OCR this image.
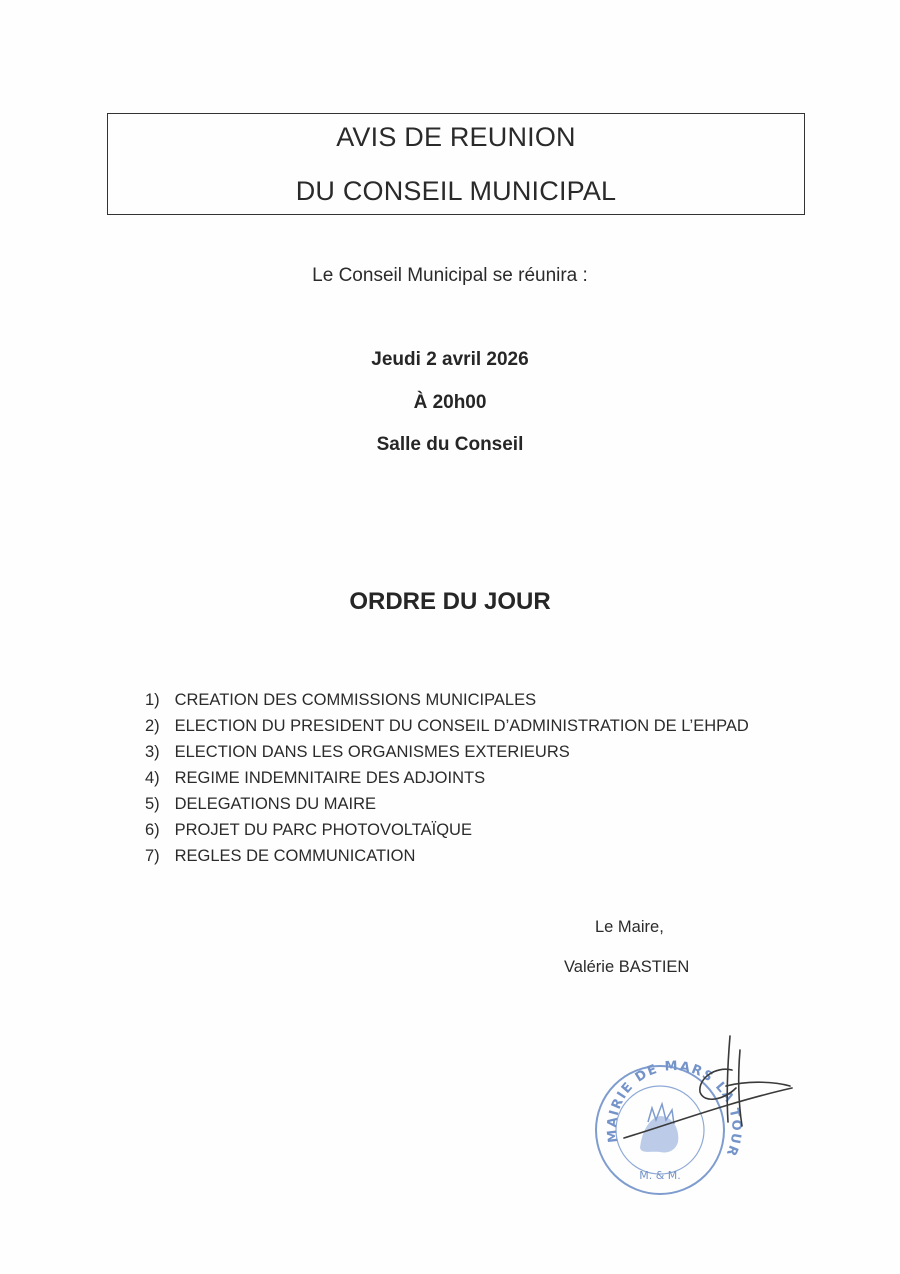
AVIS DE REUNION
DU CONSEIL MUNICIPAL
Le Conseil Municipal se réunira :
Jeudi 2 avril 2026
À 20h00
Salle du Conseil
ORDRE DU JOUR
1) CREATION DES COMMISSIONS MUNICIPALES
2) ELECTION DU PRESIDENT DU CONSEIL D’ADMINISTRATION DE L’EHPAD
3) ELECTION DANS LES ORGANISMES EXTERIEURS
4) REGIME INDEMNITAIRE DES ADJOINTS
5) DELEGATIONS DU MAIRE
6) PROJET DU PARC PHOTOVOLTAÏQUE
7) REGLES DE COMMUNICATION
Le Maire,
Valérie BASTIEN
MAIRIE DE MARS LA TOUR
M. & M.
